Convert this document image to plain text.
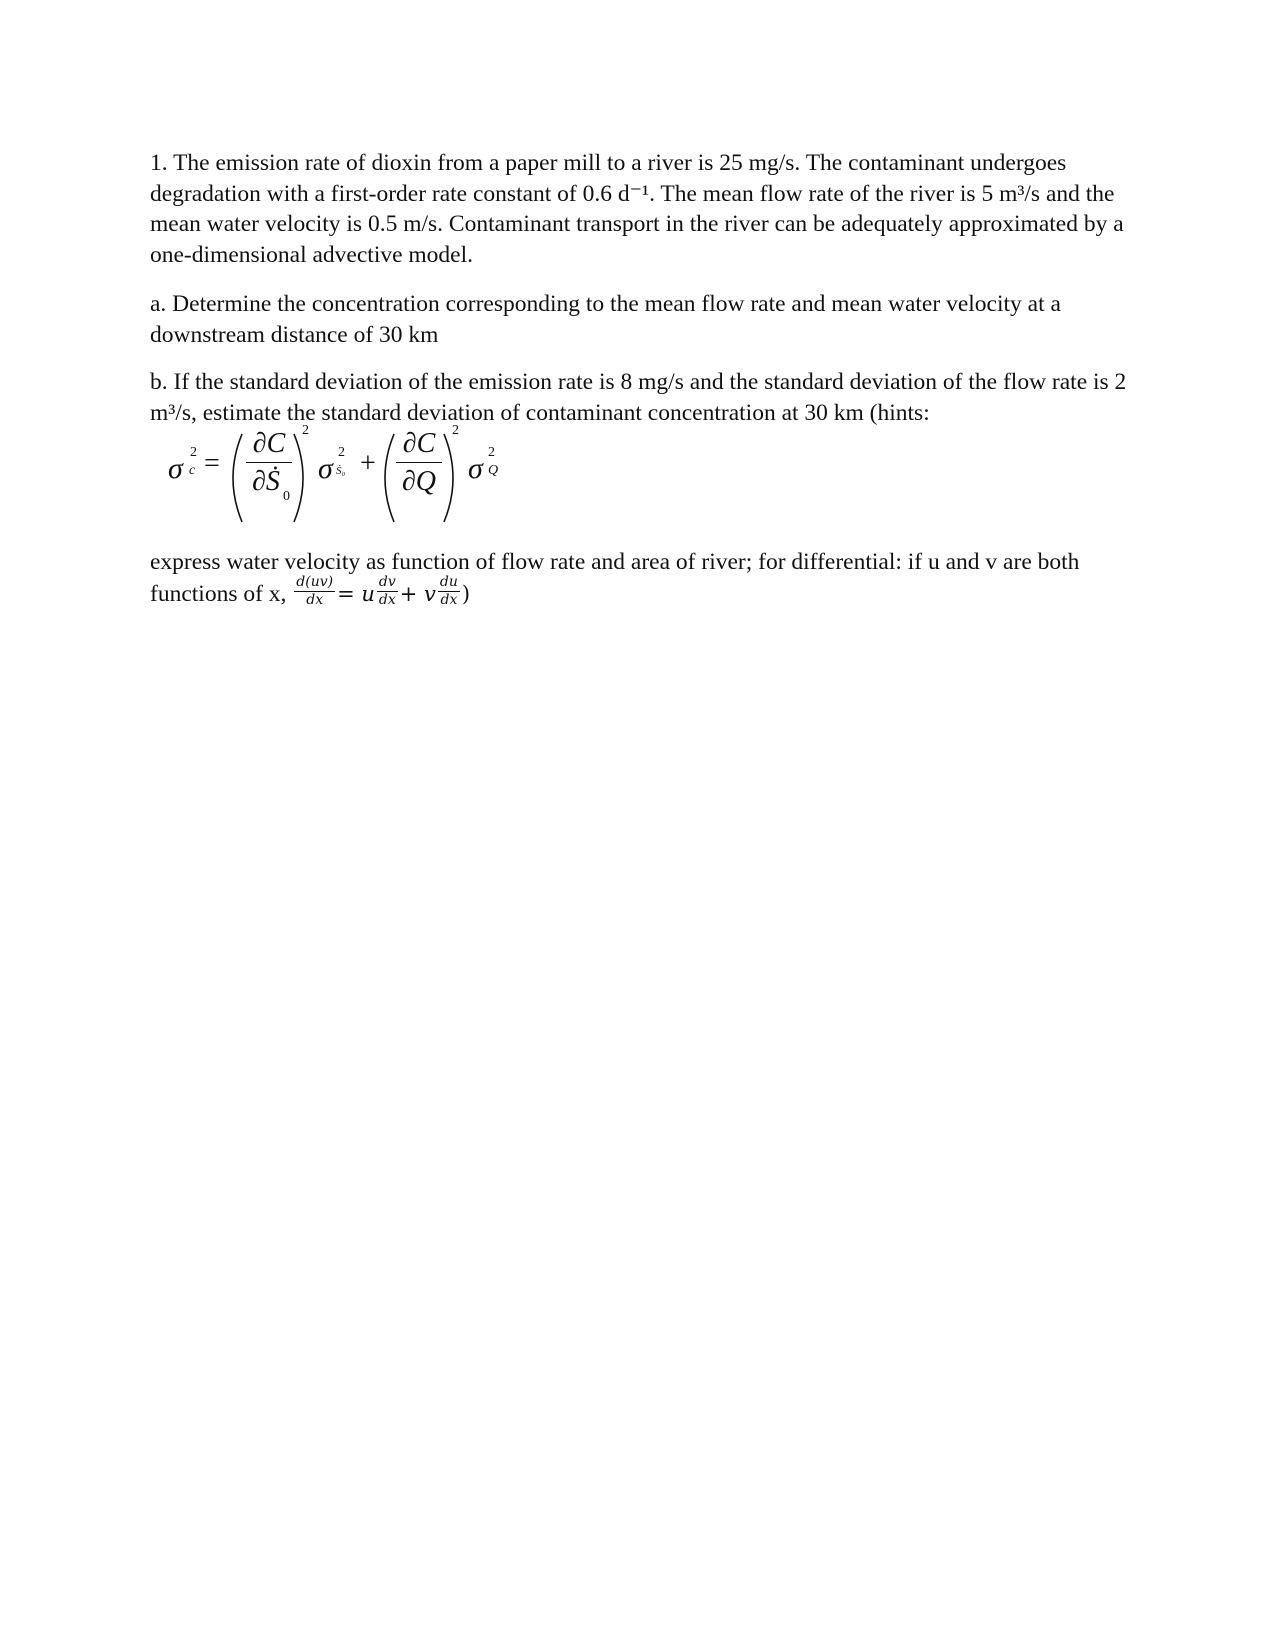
1. The emission rate of dioxin from a paper mill to a river is 25 mg/s. The contaminant undergoes degradation with a first-order rate constant of 0.6 d⁻¹. The mean flow rate of the river is 5 m³/s and the mean water velocity is 0.5 m/s. Contaminant transport in the river can be adequately approximated by a one-dimensional advective model.

a. Determine the concentration corresponding to the mean flow rate and mean water velocity at a downstream distance of 30 km

b. If the standard deviation of the emission rate is 8 mg/s and the standard deviation of the flow rate is 2 m³/s, estimate the standard deviation of contaminant concentration at 30 km (hints:

σ 2
c =
∂C
∂Ṡ 0
2
σ 2
Ṡ₀ +
∂C
∂Q
2
σ 2
Q

express water velocity as function of flow rate and area of river; for differential: if u and v are both functions of x, $\frac{d(uv)}{dx} = u \frac{dv}{dx} + v \frac{du}{dx}$ )
